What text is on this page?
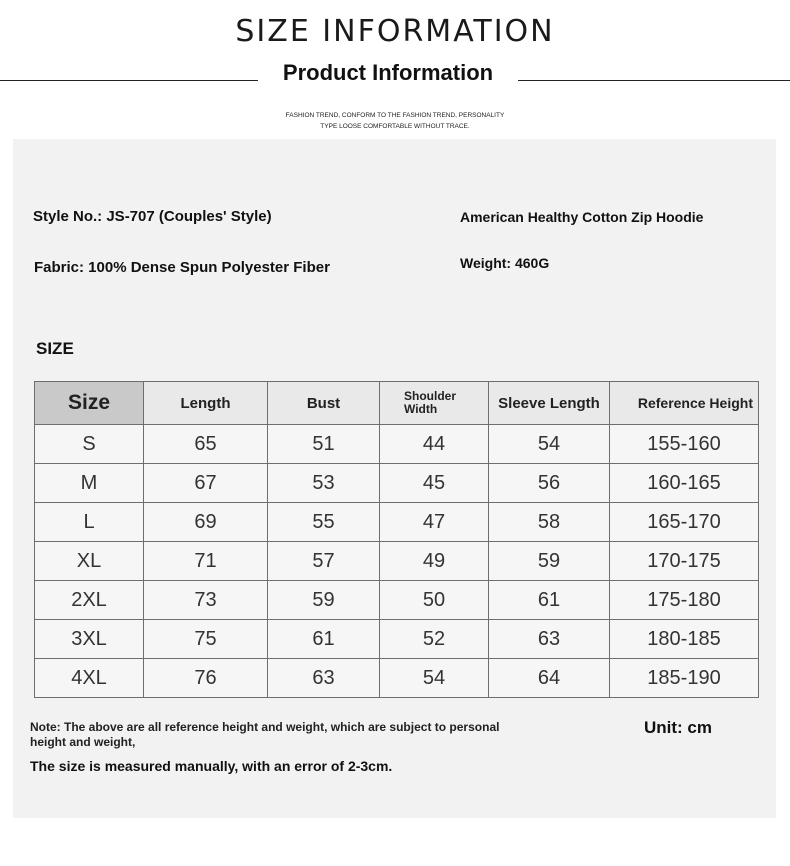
SIZE INFORMATION
Product Information
FASHION TREND, CONFORM TO THE FASHION TREND, PERSONALITY
TYPE LOOSE COMFORTABLE WITHOUT TRACE.
Style No.: JS-707 (Couples' Style)	American Healthy Cotton Zip Hoodie
Fabric: 100% Dense Spun Polyester Fiber	Weight: 460G
SIZE
Size	Length	Bust	Shoulder Width	Sleeve Length	Reference Height
S	65	51	44	54	155-160
M	67	53	45	56	160-165
L	69	55	47	58	165-170
XL	71	57	49	59	170-175
2XL	73	59	50	61	175-180
3XL	75	61	52	63	180-185
4XL	76	63	54	64	185-190
Note: The above are all reference height and weight, which are subject to personal height and weight,
Unit: cm
The size is measured manually, with an error of 2-3cm.
